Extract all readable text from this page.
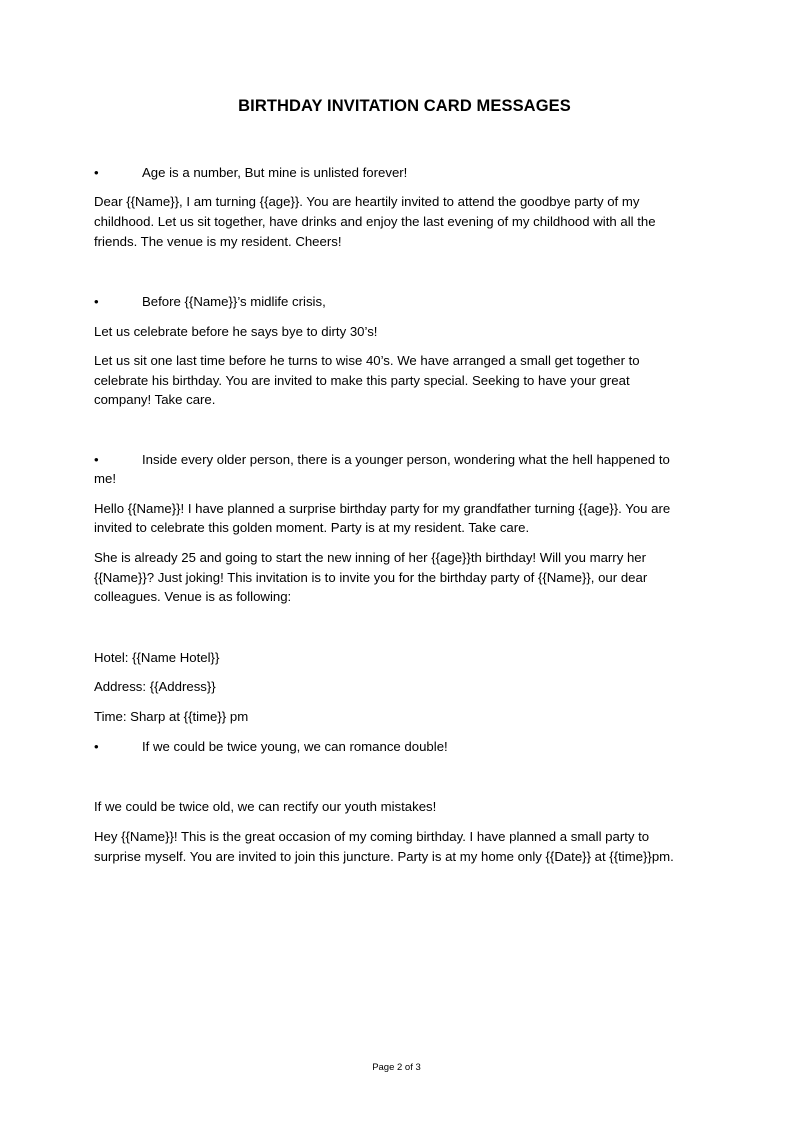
BIRTHDAY INVITATION CARD MESSAGES
•	Age is a number, But mine is unlisted forever!
Dear {{Name}}, I am turning {{age}}. You are heartily invited to attend the goodbye party of my
childhood. Let us sit together, have drinks and enjoy the last evening of my childhood with all the
friends. The venue is my resident. Cheers!
•	Before {{Name}}’s midlife crisis,
Let us celebrate before he says bye to dirty 30’s!
Let us sit one last time before he turns to wise 40’s. We have arranged a small get together to
celebrate his birthday. You are invited to make this party special. Seeking to have your great
company! Take care.
•	Inside every older person, there is a younger person, wondering what the hell happened to
me!
Hello {{Name}}! I have planned a surprise birthday party for my grandfather turning {{age}}. You are
invited to celebrate this golden moment. Party is at my resident. Take care.
She is already 25 and going to start the new inning of her {{age}}th birthday! Will you marry her
{{Name}}? Just joking! This invitation is to invite you for the birthday party of {{Name}}, our dear
colleagues. Venue is as following:
Hotel: {{Name Hotel}}
Address: {{Address}}
Time: Sharp at {{time}} pm
•	If we could be twice young, we can romance double!
If we could be twice old, we can rectify our youth mistakes!
Hey {{Name}}! This is the great occasion of my coming birthday. I have planned a small party to
surprise myself. You are invited to join this juncture. Party is at my home only {{Date}} at {{time}}pm.
Page 2 of 3
